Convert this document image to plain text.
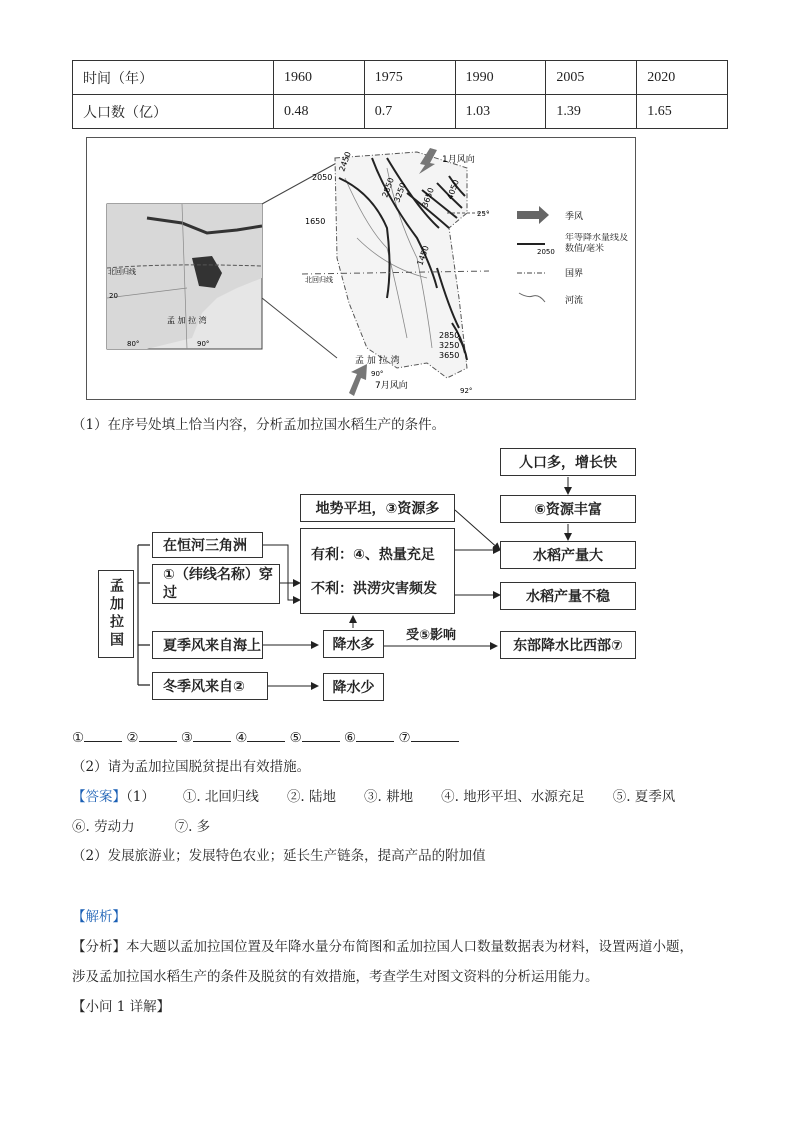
时间（年）	1960	1975	1990	2005	2020
人口数（亿）	0.48	0.7	1.03	1.39	1.65
北回归线
20
80°	90°
孟 加 拉 湾
2050
2450
2850
3250 3650 4050
1650
1450
2850
3250
3650
25°
北回归线
孟 加 拉 湾
90°
92°
1月风向
7月风向
季风
2050
年等降水量线及数值/毫米
国界
河流
（1）在序号处填上恰当内容，分析孟加拉国水稻生产的条件。
孟加拉国
在恒河三角洲
①（纬线名称）穿过
夏季风来自海上
冬季风来自②
地势平坦，③资源多
有利：④、热量充足
不利：洪涝灾害频发
降水多
降水少
人口多，增长快
⑥资源丰富
水稻产量大
水稻产量不稳
东部降水比西部⑦
受⑤影响
①	②	③	④	⑤	⑥	⑦
（2）请为孟加拉国脱贫提出有效措施。
【答案】（1） ①. 北回归线 ②. 陆地 ③. 耕地 ④. 地形平坦、水源充足 ⑤. 夏季风
⑥. 劳动力	⑦. 多
（2）发展旅游业；发展特色农业；延长生产链条，提高产品的附加值
【解析】
【分析】本大题以孟加拉国位置及年降水量分布简图和孟加拉国人口数量数据表为材料，设置两道小题，
涉及孟加拉国水稻生产的条件及脱贫的有效措施，考查学生对图文资料的分析运用能力。
【小问 1 详解】
